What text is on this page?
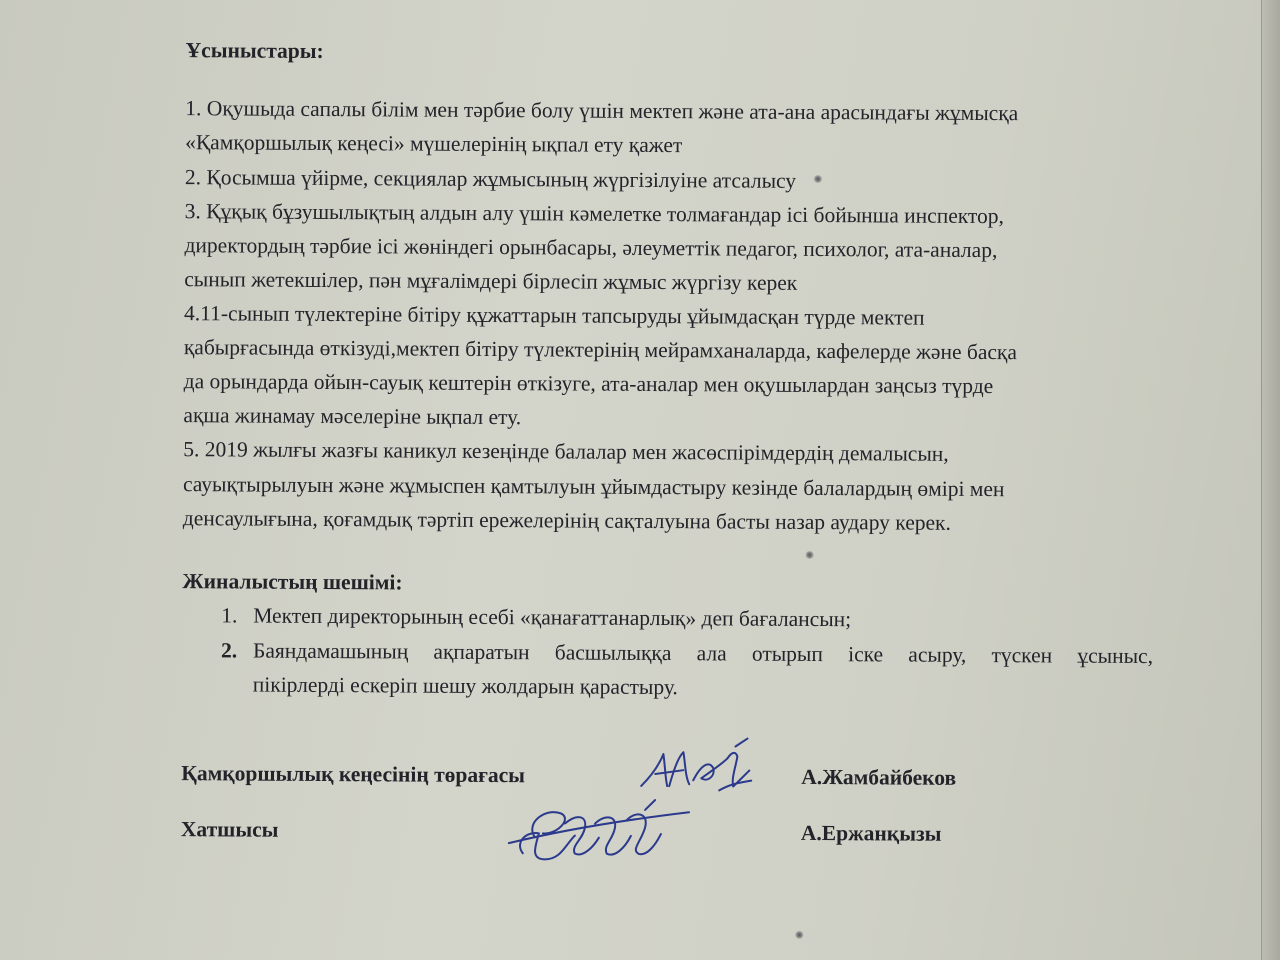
Ұсыныстары:
1. Оқушыда сапалы білім мен тәрбие болу үшін мектеп және ата-ана арасындағы жұмысқа
«Қамқоршылық кеңесі» мүшелерінің ықпал ету қажет
2. Қосымша үйірме, секциялар жұмысының жүргізілуіне атсалысу
3. Құқық бұзушылықтың алдын алу үшін кәмелетке толмағандар ісі бойынша инспектор,
директордың тәрбие ісі жөніндегі орынбасары, әлеуметтік педагог, психолог, ата-аналар,
сынып жетекшілер, пән мұғалімдері бірлесіп жұмыс жүргізу керек
4.11-сынып түлектеріне бітіру құжаттарын тапсыруды ұйымдасқан түрде мектеп
қабырғасында өткізуді,мектеп бітіру түлектерінің мейрамханаларда, кафелерде және басқа
да орындарда ойын-сауық кештерін өткізуге, ата-аналар мен оқушылардан заңсыз түрде
ақша жинамау мәселеріне ықпал ету.
5. 2019 жылғы жазғы каникул кезеңінде балалар мен жасөспірімдердің демалысын,
сауықтырылуын және жұмыспен қамтылуын ұйымдастыру кезінде балалардың өмірі мен
денсаулығына, қоғамдық тәртіп ережелерінің сақталуына басты назар аудару керек.
Жиналыстың шешімі:
1. Мектеп директорының есебі «қанағаттанарлық» деп бағалансын;
2. Баяндамашының ақпаратын басшылыққа ала отырып іске асыру, түскен ұсыныс,
пікірлерді ескеріп шешу жолдарын қарастыру.
Қамқоршылық кеңесінің төрағасы	А.Жамбайбеков
Хатшысы	А.Ержанқызы
